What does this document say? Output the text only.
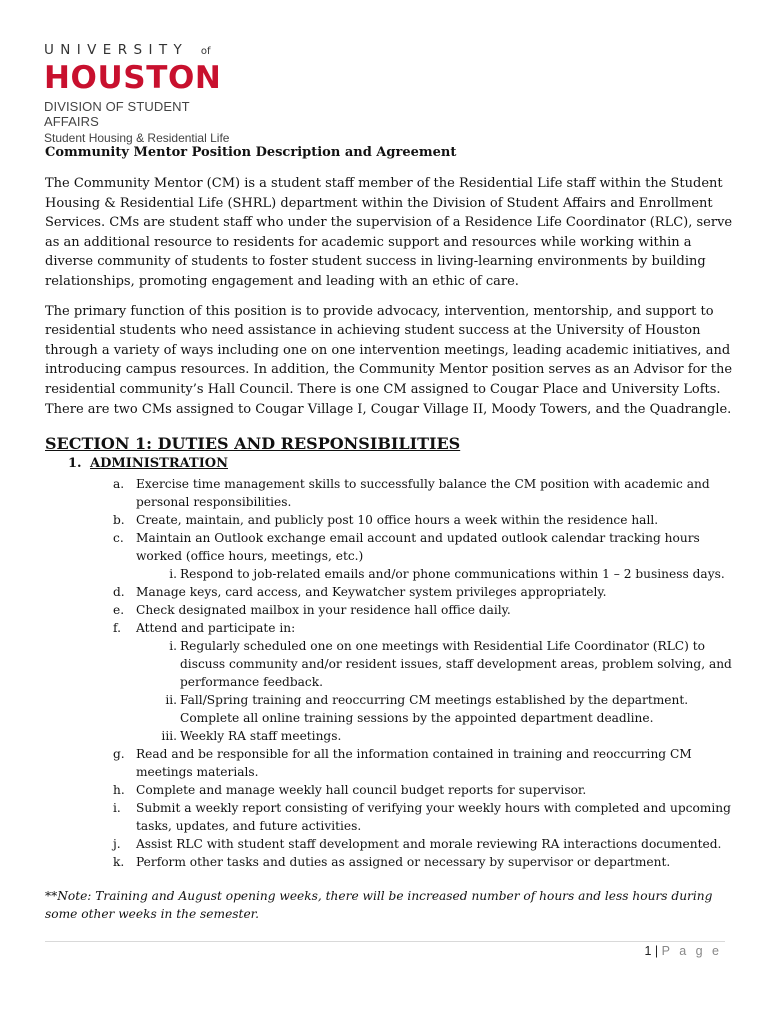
UNIVERSITY of
HOUSTON
DIVISION OF STUDENT AFFAIRS
Student Housing & Residential Life

Community Mentor Position Description and Agreement

The Community Mentor (CM) is a student staff member of the Residential Life staff within the Student Housing & Residential Life (SHRL) department within the Division of Student Affairs and Enrollment Services. CMs are student staff who under the supervision of a Residence Life Coordinator (RLC), serve as an additional resource to residents for academic support and resources while working within a diverse community of students to foster student success in living-learning environments by building relationships, promoting engagement and leading with an ethic of care.

The primary function of this position is to provide advocacy, intervention, mentorship, and support to residential students who need assistance in achieving student success at the University of Houston through a variety of ways including one on one intervention meetings, leading academic initiatives, and introducing campus resources. In addition, the Community Mentor position serves as an Advisor for the residential community’s Hall Council. There is one CM assigned to Cougar Place and University Lofts. There are two CMs assigned to Cougar Village I, Cougar Village II, Moody Towers, and the Quadrangle.

SECTION 1: DUTIES AND RESPONSIBILITIES
1. ADMINISTRATION
a. Exercise time management skills to successfully balance the CM position with academic and personal responsibilities.
b. Create, maintain, and publicly post 10 office hours a week within the residence hall.
c. Maintain an Outlook exchange email account and updated outlook calendar tracking hours worked (office hours, meetings, etc.)
i. Respond to job-related emails and/or phone communications within 1 – 2 business days.
d. Manage keys, card access, and Keywatcher system privileges appropriately.
e. Check designated mailbox in your residence hall office daily.
f. Attend and participate in:
i. Regularly scheduled one on one meetings with Residential Life Coordinator (RLC) to discuss community and/or resident issues, staff development areas, problem solving, and performance feedback.
ii. Fall/Spring training and reoccurring CM meetings established by the department. Complete all online training sessions by the appointed department deadline.
iii. Weekly RA staff meetings.
g. Read and be responsible for all the information contained in training and reoccurring CM meetings materials.
h. Complete and manage weekly hall council budget reports for supervisor.
i. Submit a weekly report consisting of verifying your weekly hours with completed and upcoming tasks, updates, and future activities.
j. Assist RLC with student staff development and morale reviewing RA interactions documented.
k. Perform other tasks and duties as assigned or necessary by supervisor or department.

**Note: Training and August opening weeks, there will be increased number of hours and less hours during some other weeks in the semester.

1 | P a g e
